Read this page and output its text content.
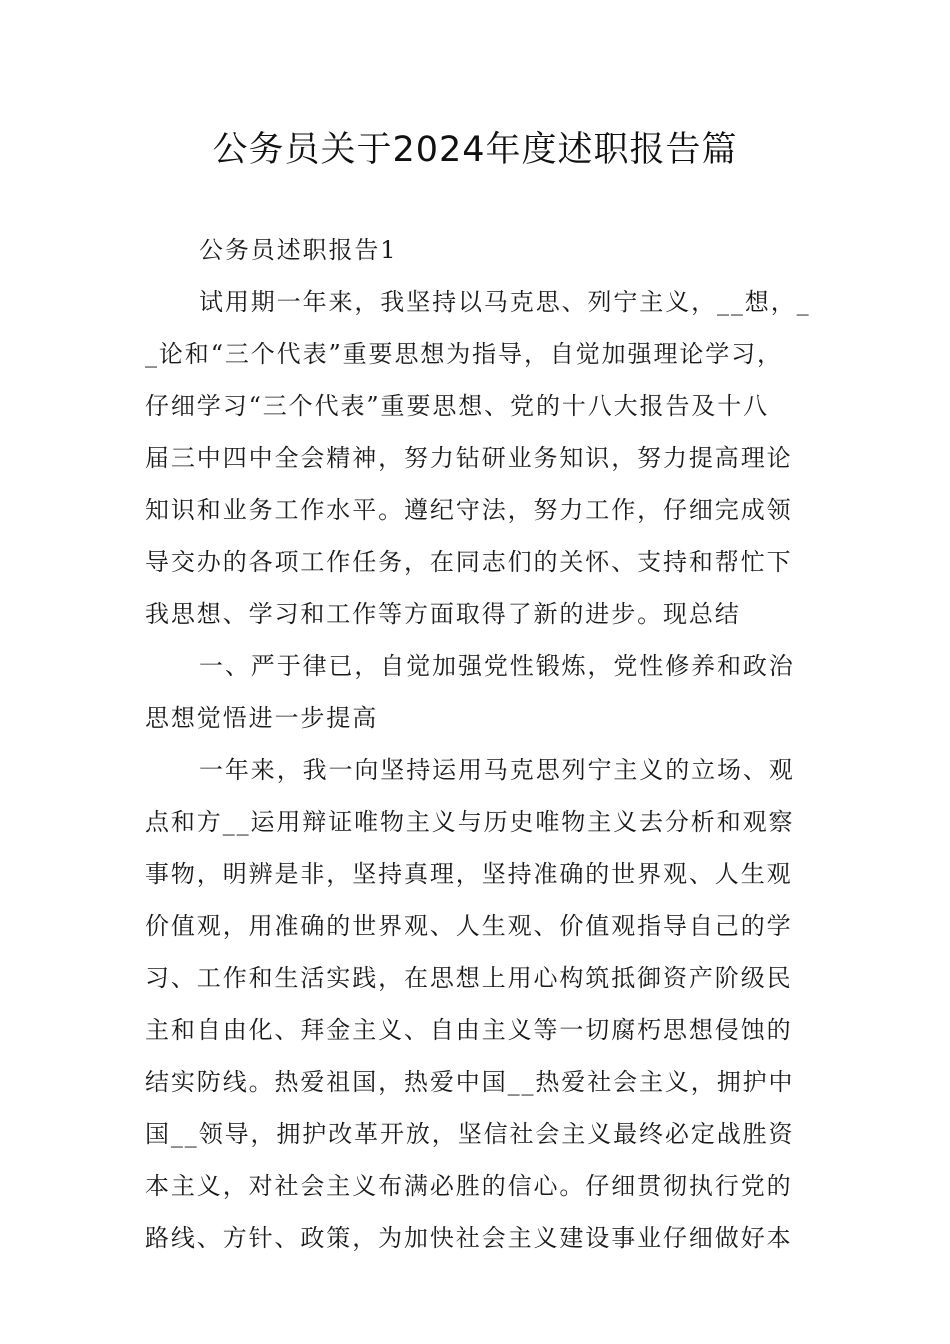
公务员关于2024年度述职报告篇
公务员述职报告1
试用期一年来，我坚持以马克思、列宁主义，__想，_
_论和“三个代表”重要思想为指导，自觉加强理论学习，
仔细学习“三个代表”重要思想、党的十八大报告及十八
届三中四中全会精神，努力钻研业务知识，努力提高理论
知识和业务工作水平。遵纪守法，努力工作，仔细完成领
导交办的各项工作任务，在同志们的关怀、支持和帮忙下
我思想、学习和工作等方面取得了新的进步。现总结
一、严于律已，自觉加强党性锻炼，党性修养和政治
思想觉悟进一步提高
一年来，我一向坚持运用马克思列宁主义的立场、观
点和方__运用辩证唯物主义与历史唯物主义去分析和观察
事物，明辨是非，坚持真理，坚持准确的世界观、人生观
价值观，用准确的世界观、人生观、价值观指导自己的学
习、工作和生活实践，在思想上用心构筑抵御资产阶级民
主和自由化、拜金主义、自由主义等一切腐朽思想侵蚀的
结实防线。热爱祖国，热爱中国__热爱社会主义，拥护中
国__领导，拥护改革开放，坚信社会主义最终必定战胜资
本主义，对社会主义布满必胜的信心。仔细贯彻执行党的
路线、方针、政策，为加快社会主义建设事业仔细做好本
